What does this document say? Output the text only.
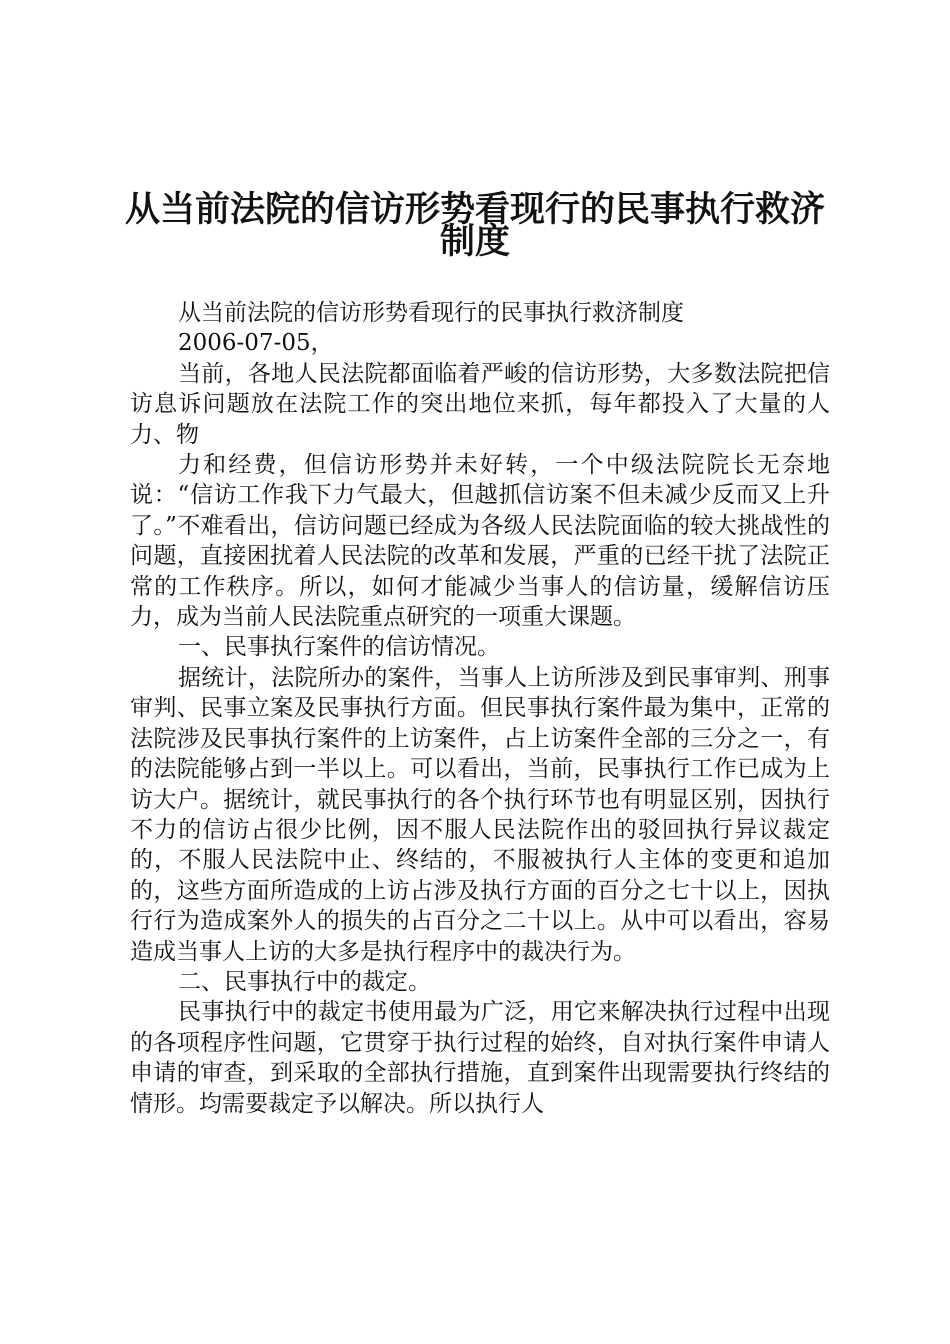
从当前法院的信访形势看现行的民事执行救济
制度

从当前法院的信访形势看现行的民事执行救济制度

2006-07-05，

当前，各地人民法院都面临着严峻的信访形势，大多数法院把信访息诉问题放在法院工作的突出地位来抓，每年都投入了大量的人力、物

力和经费，但信访形势并未好转，一个中级法院院长无奈地说：“信访工作我下力气最大，但越抓信访案不但未减少反而又上升了。”不难看出，信访问题已经成为各级人民法院面临的较大挑战性的问题，直接困扰着人民法院的改革和发展，严重的已经干扰了法院正常的工作秩序。所以，如何才能减少当事人的信访量，缓解信访压力，成为当前人民法院重点研究的一项重大课题。

一、民事执行案件的信访情况。

据统计，法院所办的案件，当事人上访所涉及到民事审判、刑事审判、民事立案及民事执行方面。但民事执行案件最为集中，正常的法院涉及民事执行案件的上访案件，占上访案件全部的三分之一，有的法院能够占到一半以上。可以看出，当前，民事执行工作已成为上访大户。据统计，就民事执行的各个执行环节也有明显区别，因执行不力的信访占很少比例，因不服人民法院作出的驳回执行异议裁定的，不服人民法院中止、终结的，不服被执行人主体的变更和追加的，这些方面所造成的上访占涉及执行方面的百分之七十以上，因执行行为造成案外人的损失的占百分之二十以上。从中可以看出，容易造成当事人上访的大多是执行程序中的裁决行为。

二、民事执行中的裁定。

民事执行中的裁定书使用最为广泛，用它来解决执行过程中出现的各项程序性问题，它贯穿于执行过程的始终，自对执行案件申请人申请的审查，到采取的全部执行措施，直到案件出现需要执行终结的情形。均需要裁定予以解决。所以执行人
